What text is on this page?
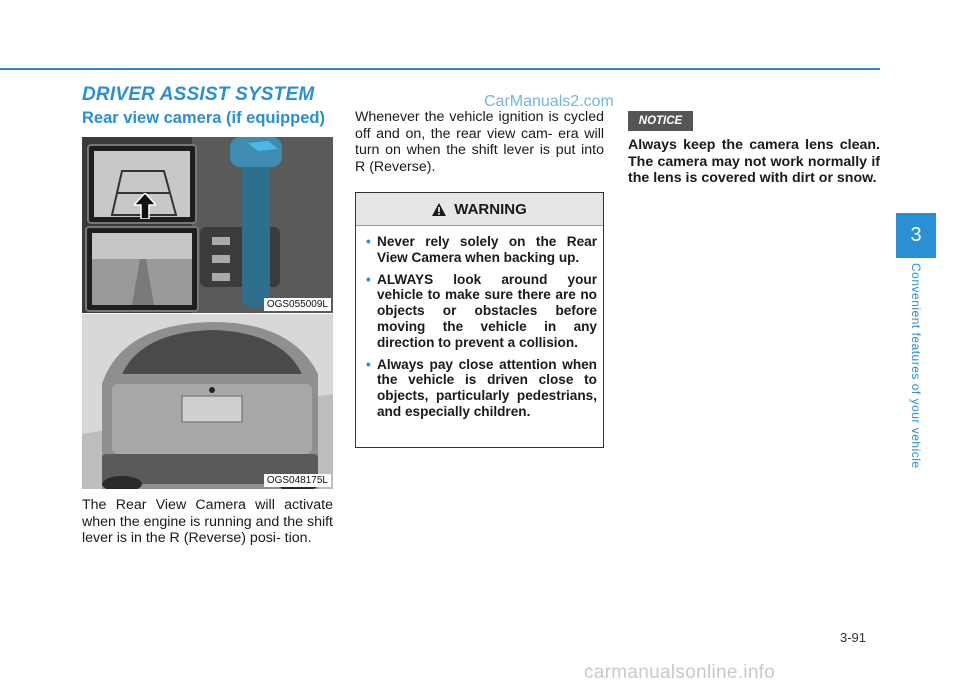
DRIVER ASSIST SYSTEM	CarManuals2.com
Rear view camera (if equipped)
OGS055009L
OGS048175L

The Rear View Camera will activate when the engine is running and the shift lever is in the R (Reverse) posi- tion.

Whenever the vehicle ignition is cycled off and on, the rear view cam- era will turn on when the shift lever is put into R (Reverse).

WARNING
• Never rely solely on the Rear View Camera when backing up.
• ALWAYS look around your vehicle to make sure there are no objects or obstacles before moving the vehicle in any direction to prevent a collision.
• Always pay close attention when the vehicle is driven close to objects, particularly pedestrians, and especially children.
NOTICE

Always keep the camera lens clean. The camera may not work normally if the lens is covered with dirt or snow.

3
Convenient features of your vehicle
3-91
carmanualsonline.info
